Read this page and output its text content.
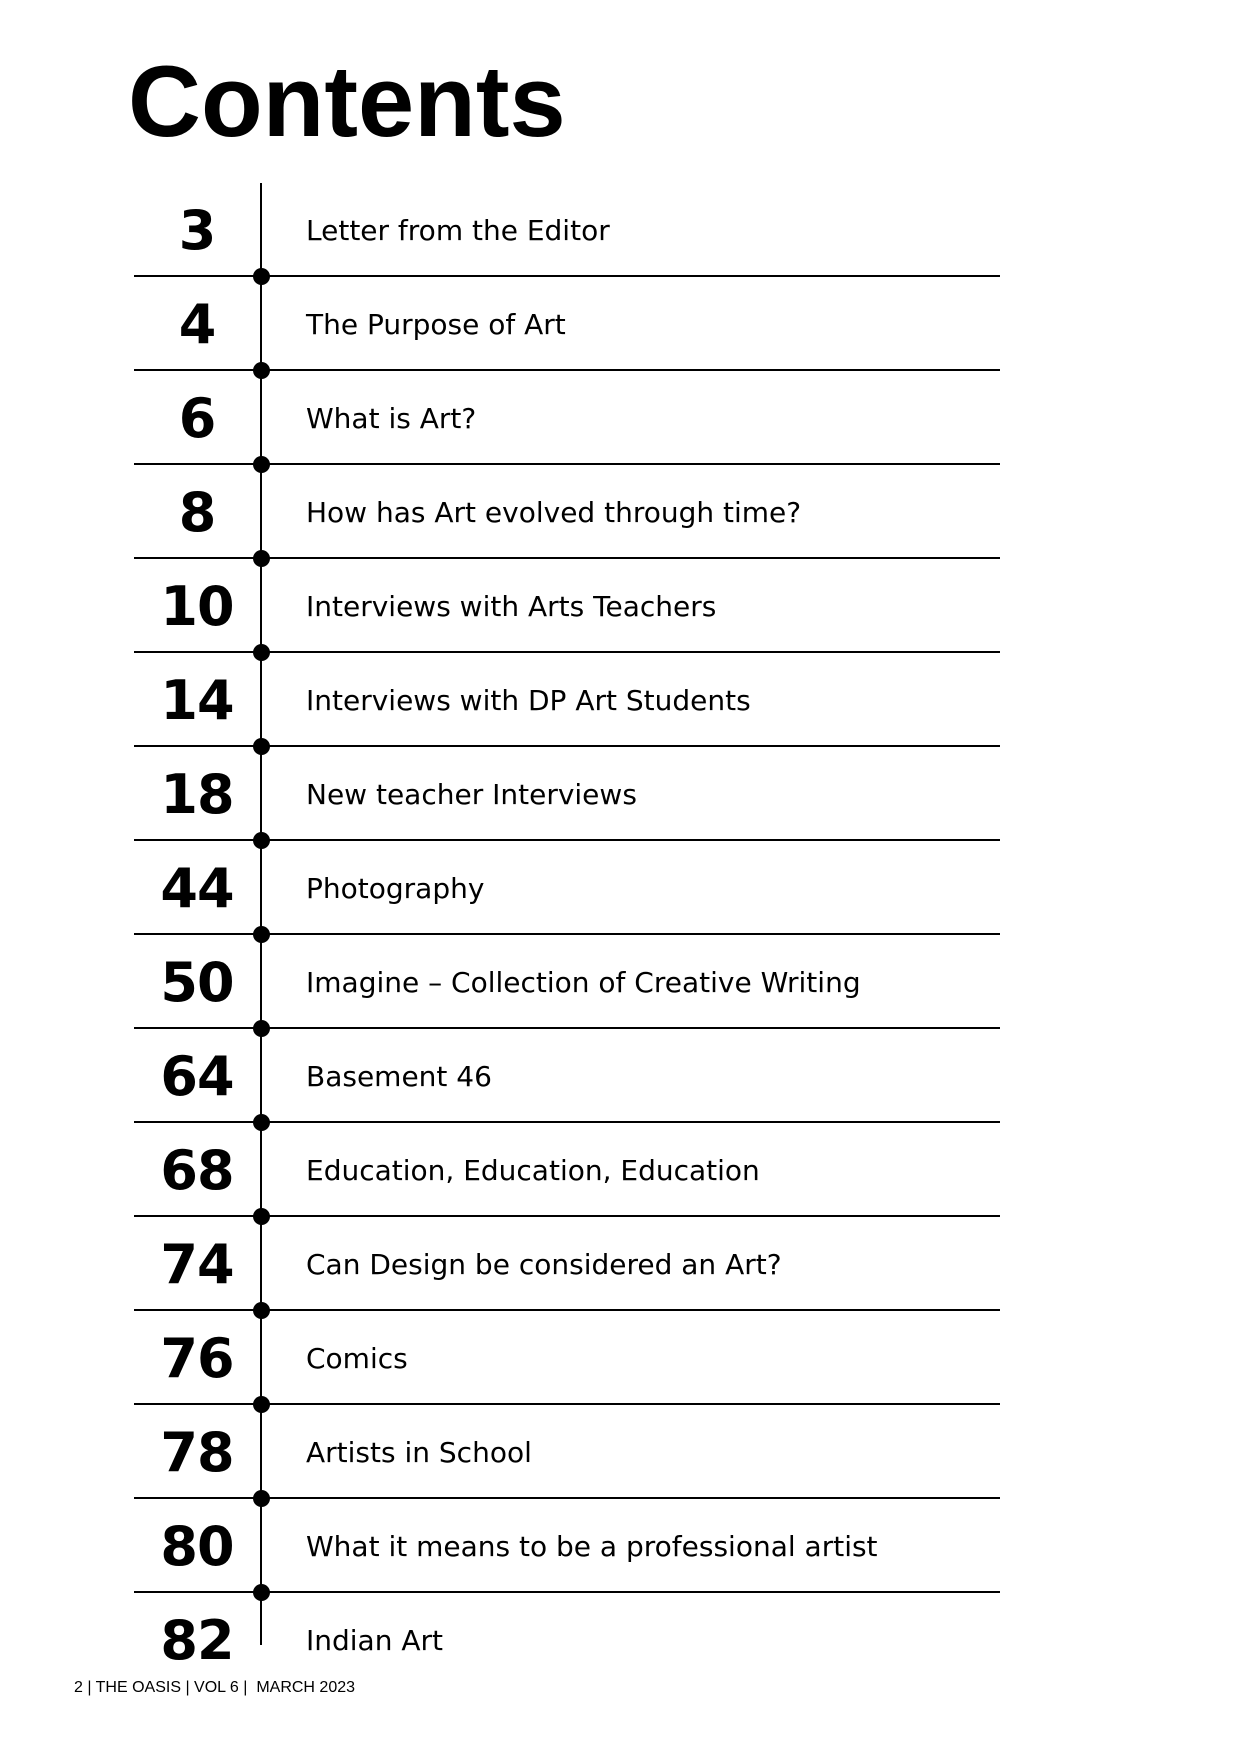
Contents
3	Letter from the Editor
4	The Purpose of Art
6	What is Art?
8	How has Art evolved through time?
10	Interviews with Arts Teachers
14	Interviews with DP Art Students
18	New teacher Interviews
44	Photography
50	Imagine – Collection of Creative Writing
64	Basement 46
68	Education, Education, Education
74	Can Design be considered an Art?
76	Comics
78	Artists in School
80	What it means to be a professional artist
82	Indian Art
2 | THE OASIS | VOL 6 |  MARCH 2023
